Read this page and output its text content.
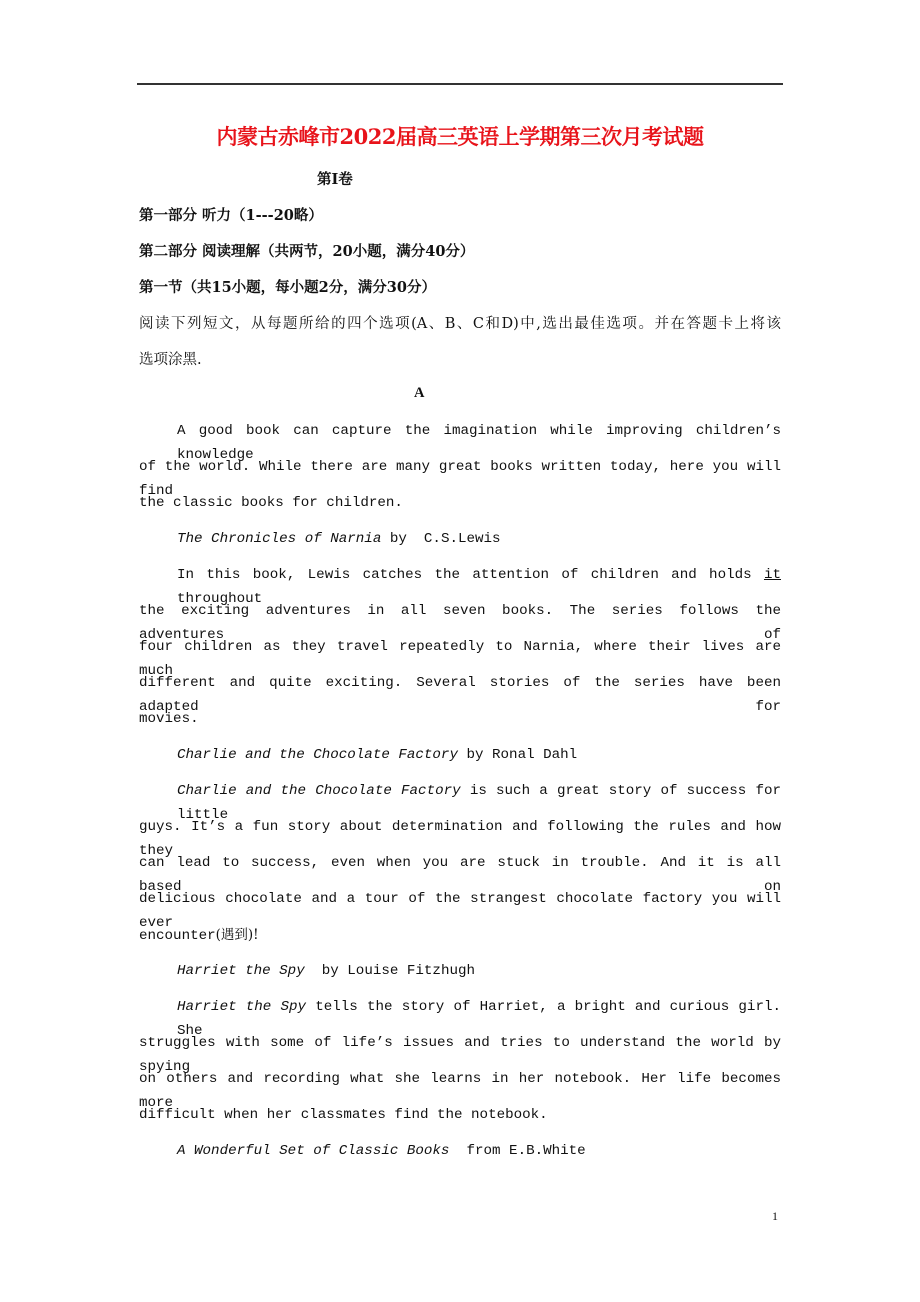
内蒙古赤峰市2022届高三英语上学期第三次月考试题
第Ⅰ卷
第一部分 听力（1---20略）
第二部分 阅读理解（共两节，20小题，满分40分）
第一节（共15小题，每小题2分，满分30分）
阅读下列短文，从每题所给的四个选项(A、B、C和D)中,选出最佳选项。并在答题卡上将该
选项涂黑.
A
A good book can capture the imagination while improving children’s knowledge
of the world. While there are many great books written today, here you will find
the classic books for children.
The Chronicles of Narnia by  C.S.Lewis
In this book, Lewis catches the attention of children and holds it throughout
the exciting adventures in all seven books. The series follows the adventures of
four children as they travel repeatedly to Narnia, where their lives are much
different and quite exciting. Several stories of the series have been adapted for
movies.
Charlie and the Chocolate Factory by Ronal Dahl
Charlie and the Chocolate Factory is such a great story of success for little
guys. It’s a fun story about determination and following the rules and how they
can lead to success, even when you are stuck in trouble. And it is all based on
delicious chocolate and a tour of the strangest chocolate factory you will ever
encounter(遇到)!
Harriet the Spy  by Louise Fitzhugh
Harriet the Spy tells the story of Harriet, a bright and curious girl. She
struggles with some of life’s issues and tries to understand the world by spying
on others and recording what she learns in her notebook. Her life becomes more
difficult when her classmates find the notebook.
A Wonderful Set of Classic Books  from E.B.White
1
